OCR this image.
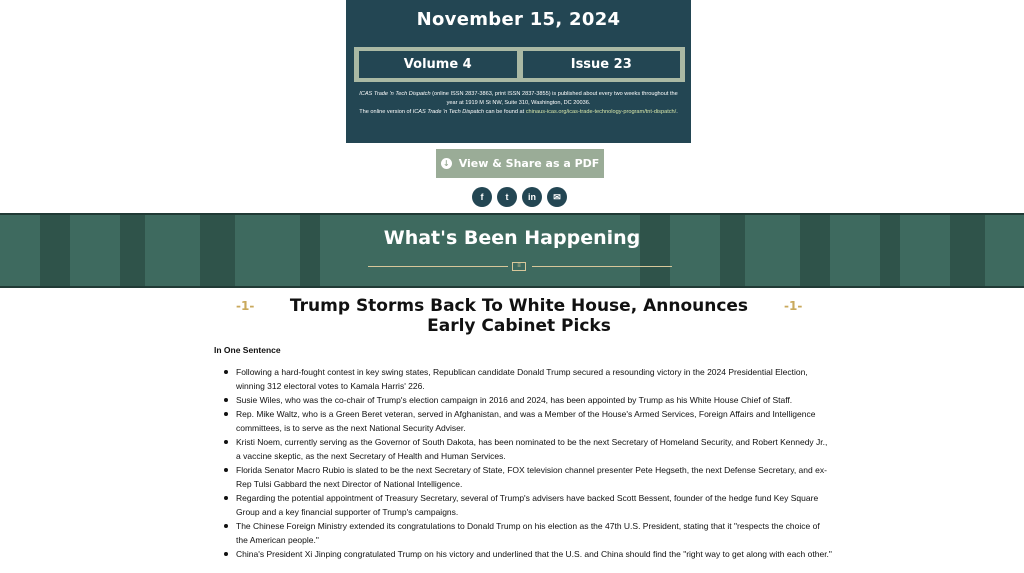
November 15, 2024
Volume 4	Issue 23
ICAS Trade 'n Tech Dispatch (online ISSN 2837-3863, print ISSN 2837-3855) is published about every two weeks throughout the year at 1919 M St NW, Suite 310, Washington, DC 20036.
The online version of ICAS Trade 'n Tech Dispatch can be found at chinaus-icas.org/icas-trade-technology-program/tnt-dispatch/.
↓ View & Share as a PDF
f	t	in	✉
What's Been Happening
≡
-1-	Trump Storms Back To White House, Announces Early Cabinet Picks
-1-
In One Sentence
Following a hard-fought contest in key swing states, Republican candidate Donald Trump secured a resounding victory in the 2024 Presidential Election, winning 312 electoral votes to Kamala Harris' 226.
Susie Wiles, who was the co-chair of Trump's election campaign in 2016 and 2024, has been appointed by Trump as his White House Chief of Staff.
Rep. Mike Waltz, who is a Green Beret veteran, served in Afghanistan, and was a Member of the House's Armed Services, Foreign Affairs and Intelligence committees, is to serve as the next National Security Adviser.
Kristi Noem, currently serving as the Governor of South Dakota, has been nominated to be the next Secretary of Homeland Security, and Robert Kennedy Jr., a vaccine skeptic, as the next Secretary of Health and Human Services.
Florida Senator Macro Rubio is slated to be the next Secretary of State, FOX television channel presenter Pete Hegseth, the next Defense Secretary, and ex-Rep Tulsi Gabbard the next Director of National Intelligence.
Regarding the potential appointment of Treasury Secretary, several of Trump's advisers have backed Scott Bessent, founder of the hedge fund Key Square Group and a key financial supporter of Trump's campaigns.
The Chinese Foreign Ministry extended its congratulations to Donald Trump on his election as the 47th U.S. President, stating that it "respects the choice of the American people."
China's President Xi Jinping congratulated Trump on his victory and underlined that the U.S. and China should find the "right way to get along with each other."
